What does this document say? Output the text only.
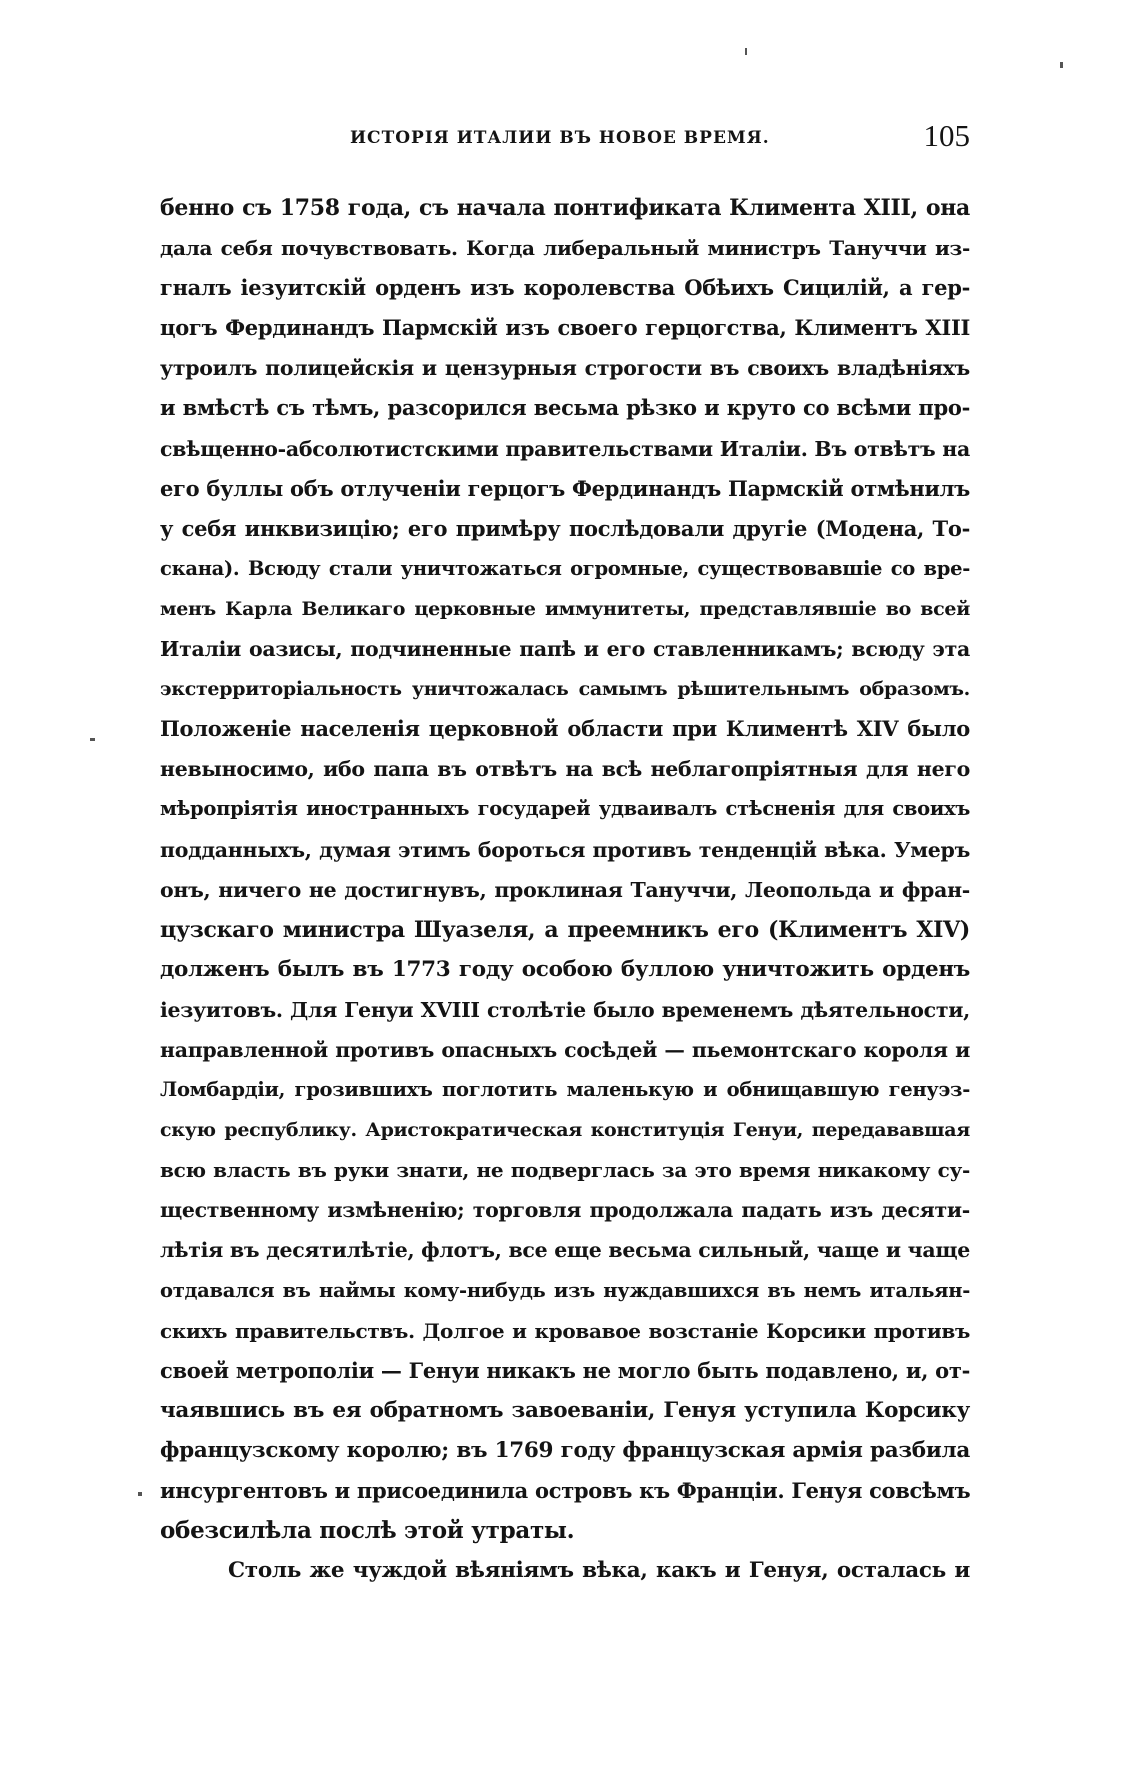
ИСТОРІЯ ИТАЛИИ ВЪ НОВОЕ ВРЕМЯ.	105
бенно съ 1758 года, съ начала понтификата Климента XIII, она
дала себя почувствовать. Когда либеральный министръ Тануччи из-
гналъ іезуитскій орденъ изъ королевства Обѣихъ Сицилій, а гер-
цогъ Фердинандъ Пармскій изъ своего герцогства, Климентъ XIII
утроилъ полицейскія и цензурныя строгости въ своихъ владѣніяхъ
и вмѣстѣ съ тѣмъ, разсорился весьма рѣзко и круто со всѣми про-
свѣщенно-абсолютистскими правительствами Италіи. Въ отвѣтъ на
его буллы объ отлученіи герцогъ Фердинандъ Пармскій отмѣнилъ
у себя инквизицію; его примѣру послѣдовали другіе (Модена, То-
скана). Всюду стали уничтожаться огромные, существовавшіе со вре-
менъ Карла Великаго церковные иммунитеты, представлявшіе во всей
Италіи оазисы, подчиненные папѣ и его ставленникамъ; всюду эта
экстерриторіальность уничтожалась самымъ рѣшительнымъ образомъ.
Положеніе населенія церковной области при Климентѣ XIV было
невыносимо, ибо папа въ отвѣтъ на всѣ неблагопріятныя для него
мѣропріятія иностранныхъ государей удваивалъ стѣсненія для своихъ
подданныхъ, думая этимъ бороться противъ тенденцій вѣка. Умеръ
онъ, ничего не достигнувъ, проклиная Тануччи, Леопольда и фран-
цузскаго министра Шуазеля, а преемникъ его (Климентъ XIV)
долженъ былъ въ 1773 году особою буллою уничтожить орденъ
іезуитовъ. Для Генуи XVIII столѣтіе было временемъ дѣятельности,
направленной противъ опасныхъ сосѣдей — пьемонтскаго короля и
Ломбардіи, грозившихъ поглотить маленькую и обнищавшую генуэз-
скую республику. Аристократическая конституція Генуи, передававшая
всю власть въ руки знати, не подверглась за это время никакому су-
щественному измѣненію; торговля продолжала падать изъ десяти-
лѣтія въ десятилѣтіе, флотъ, все еще весьма сильный, чаще и чаще
отдавался въ наймы кому-нибудь изъ нуждавшихся въ немъ итальян-
скихъ правительствъ. Долгое и кровавое возстаніе Корсики противъ
своей метрополіи — Генуи никакъ не могло быть подавлено, и, от-
чаявшись въ ея обратномъ завоеваніи, Генуя уступила Корсику
французскому королю; въ 1769 году французская армія разбила
инсургентовъ и присоединила островъ къ Франціи. Генуя совсѣмъ
обезсилѣла послѣ этой утраты.
Столь же чуждой вѣяніямъ вѣка, какъ и Генуя, осталась и
